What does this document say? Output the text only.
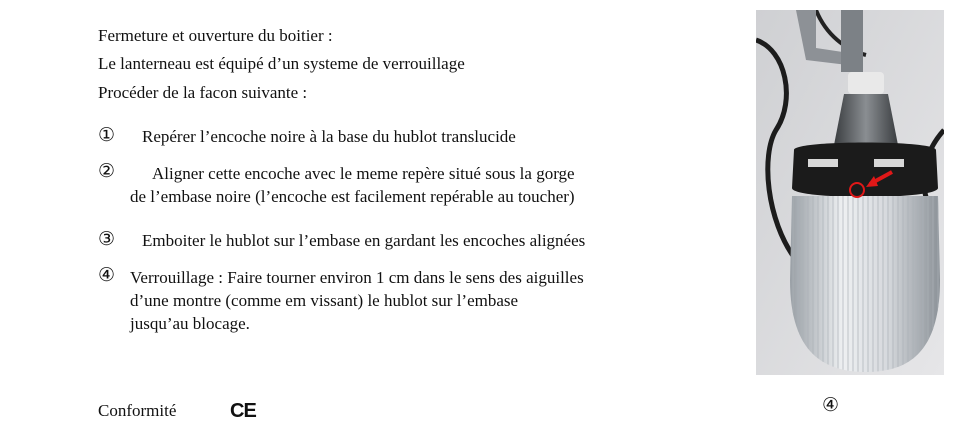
Fermeture et ouverture du boitier :
Le lanterneau est équipé d’un systeme de verrouillage
Procéder de la facon suivante :
① Repérer l’encoche noire à la base du hublot translucide
② Aligner cette encoche avec le meme repère situé sous la gorge
de l’embase noire (l’encoche est facilement repérable au toucher)
③ Emboiter le hublot sur l’embase en gardant les encoches alignées
④ Verrouillage : Faire tourner environ 1 cm dans le sens des aiguilles
d’une montre (comme em vissant) le hublot sur l’embase
jusqu’au blocage.
Conformité	CE	④
